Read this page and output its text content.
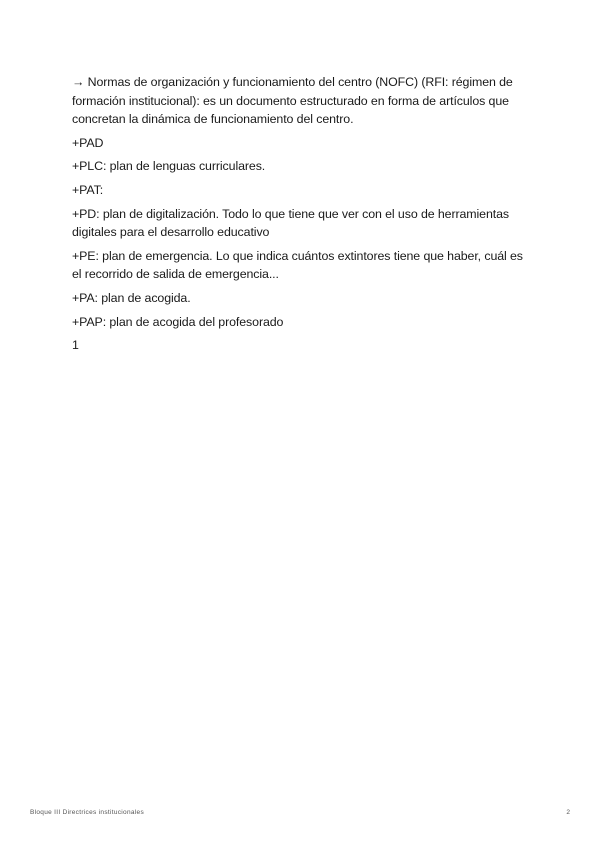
→ Normas de organización y funcionamiento del centro (NOFC) (RFI: régimen de formación institucional): es un documento estructurado en forma de artículos que concretan la dinámica de funcionamiento del centro.

+PAD

+PLC: plan de lenguas curriculares.

+PAT:

+PD: plan de digitalización. Todo lo que tiene que ver con el uso de herramientas digitales para el desarrollo educativo

+PE: plan de emergencia. Lo que indica cuántos extintores tiene que haber, cuál es el recorrido de salida de emergencia...

+PA: plan de acogida.

+PAP: plan de acogida del profesorado

1

Bloque III Directrices institucionales	2
